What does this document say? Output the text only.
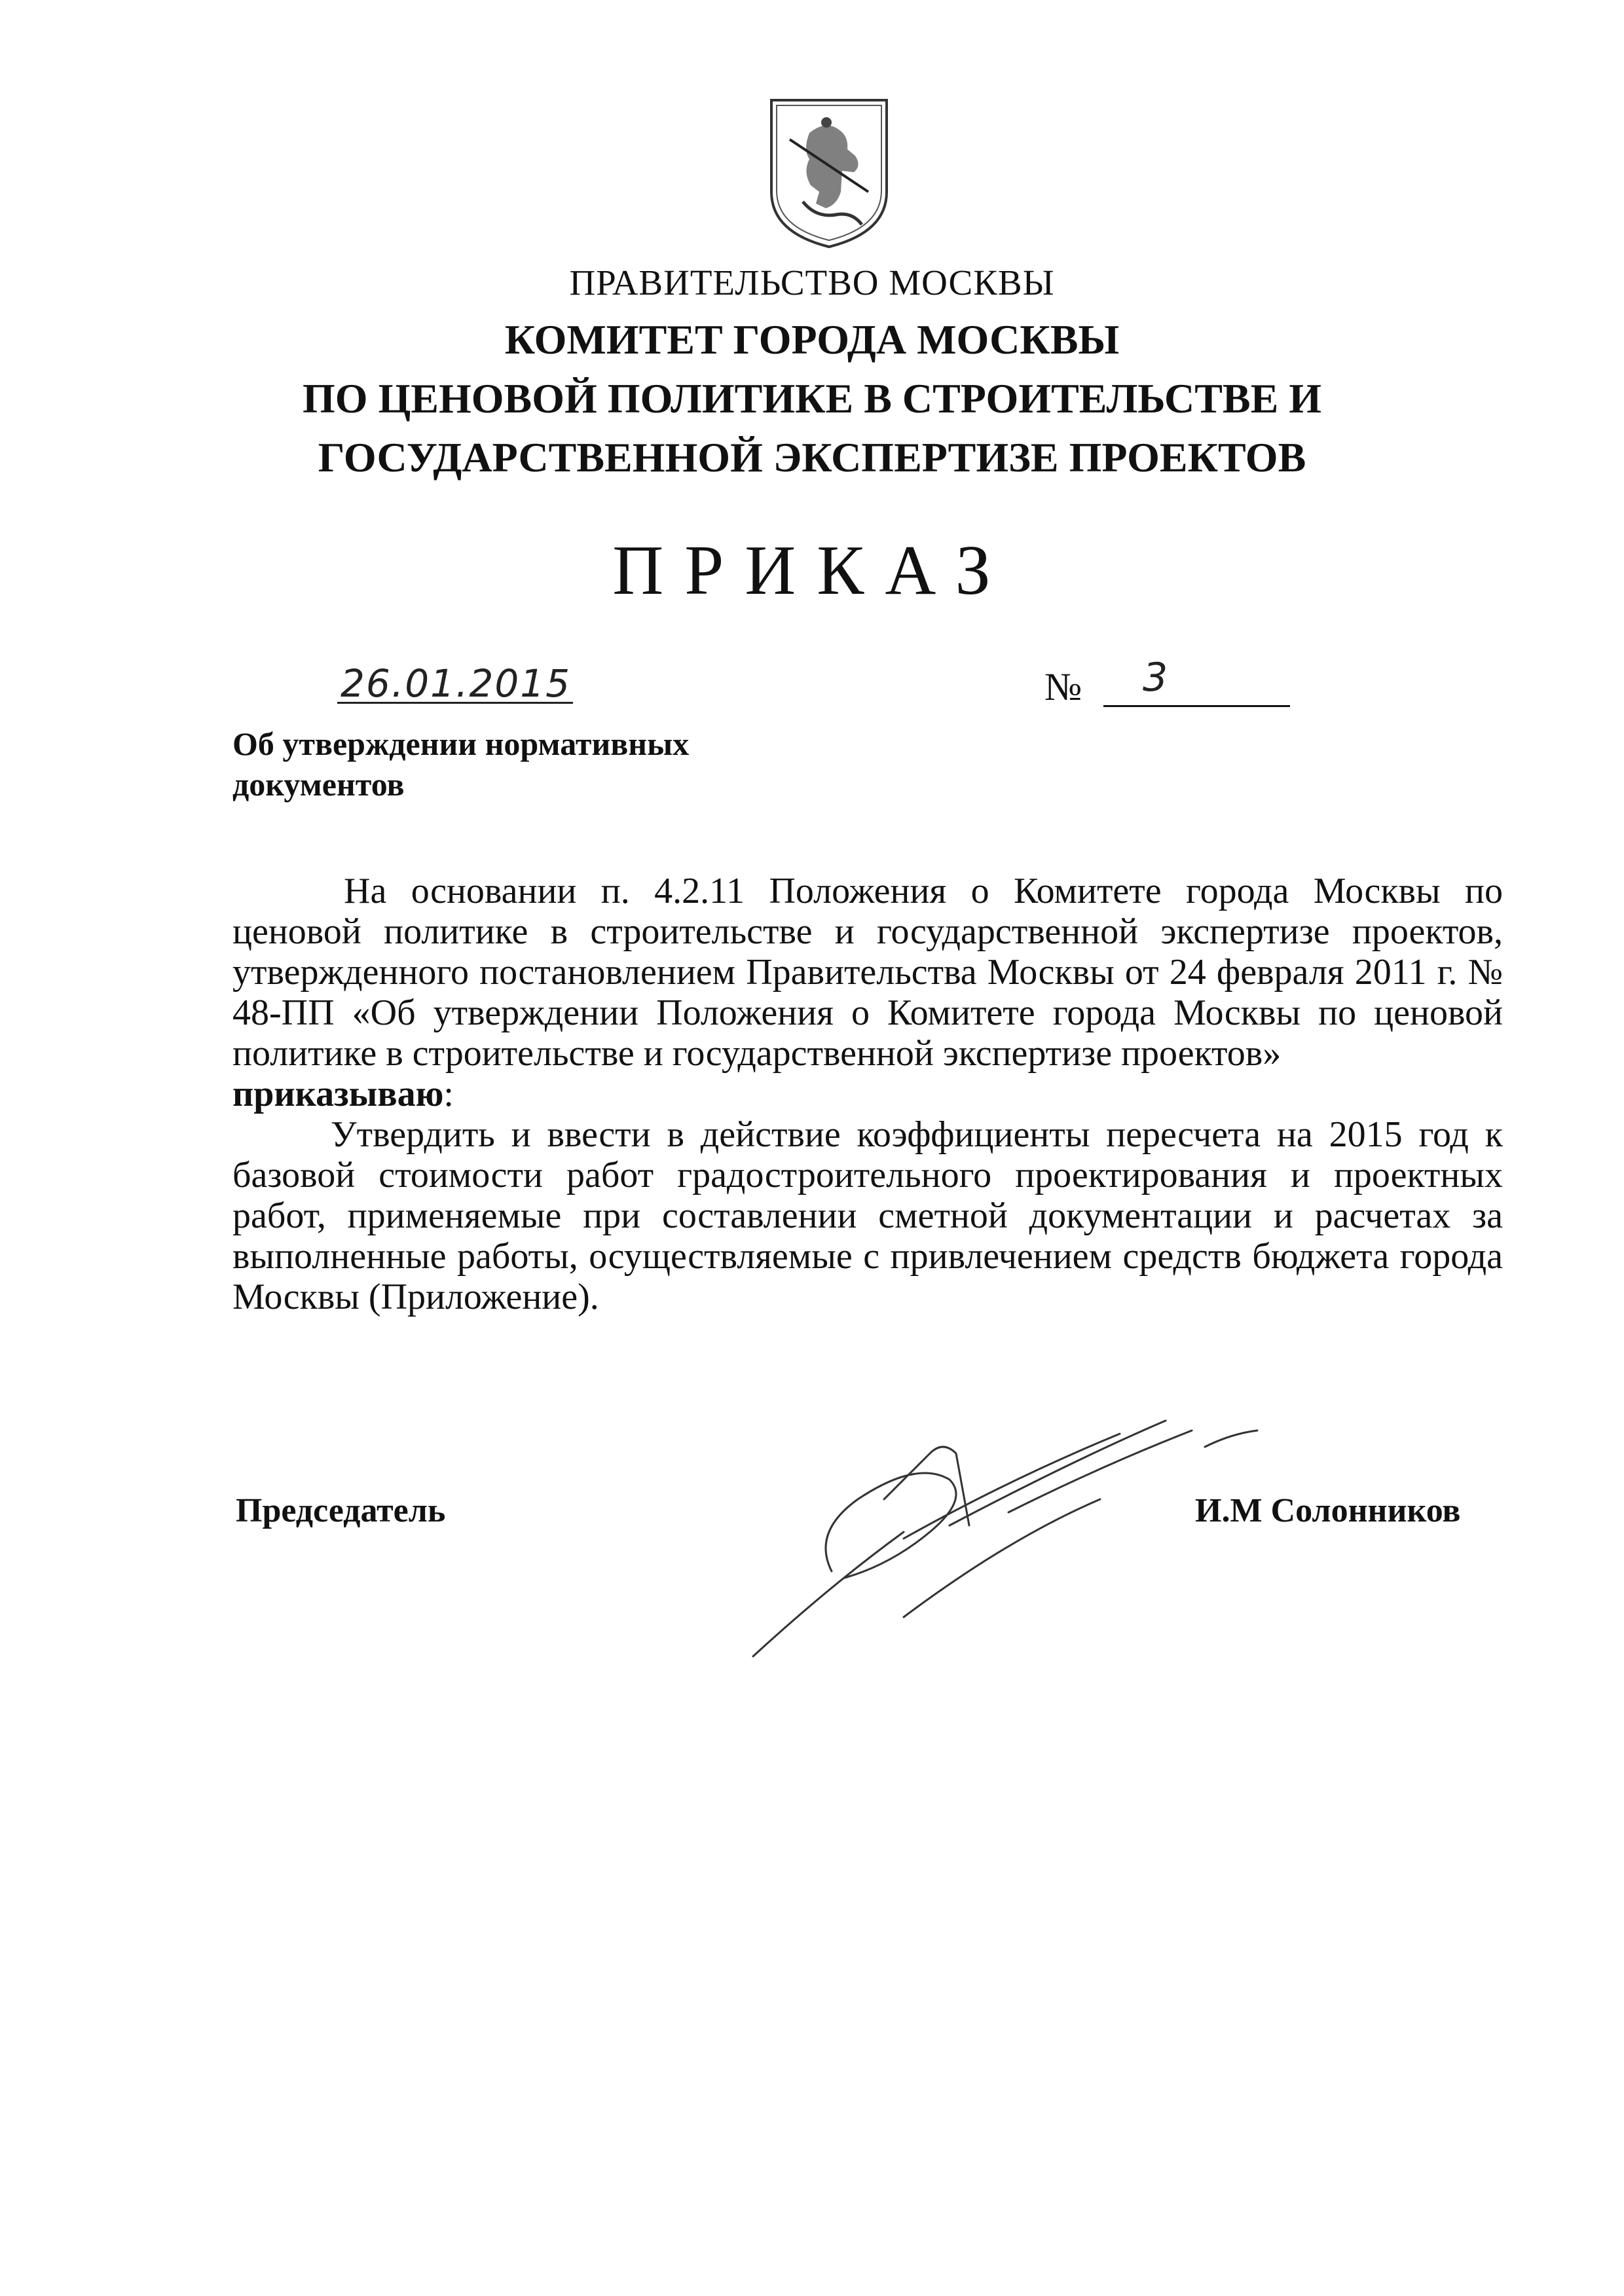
ПРАВИТЕЛЬСТВО МОСКВЫ
КОМИТЕТ ГОРОДА МОСКВЫ
ПО ЦЕНОВОЙ ПОЛИТИКЕ В СТРОИТЕЛЬСТВЕ И
ГОСУДАРСТВЕННОЙ ЭКСПЕРТИЗЕ ПРОЕКТОВ
ПРИКАЗ
26.01.2015	№ 3
Об утверждении нормативных
документов

На основании п. 4.2.11 Положения о Комитете города Москвы по ценовой политике в строительстве и государственной экспертизе проектов, утвержденного постановлением Правительства Москвы от 24 февраля 2011 г. № 48-ПП «Об утверждении Положения о Комитете города Москвы по ценовой политике в строительстве и государственной экспертизе проектов»

приказываю:

Утвердить и ввести в действие коэффициенты пересчета на 2015 год к базовой стоимости работ градостроительного проектирования и проектных работ, применяемые при составлении сметной документации и расчетах за выполненные работы, осуществляемые с привлечением средств бюджета города Москвы (Приложение).

Председатель	И.М Солонников
